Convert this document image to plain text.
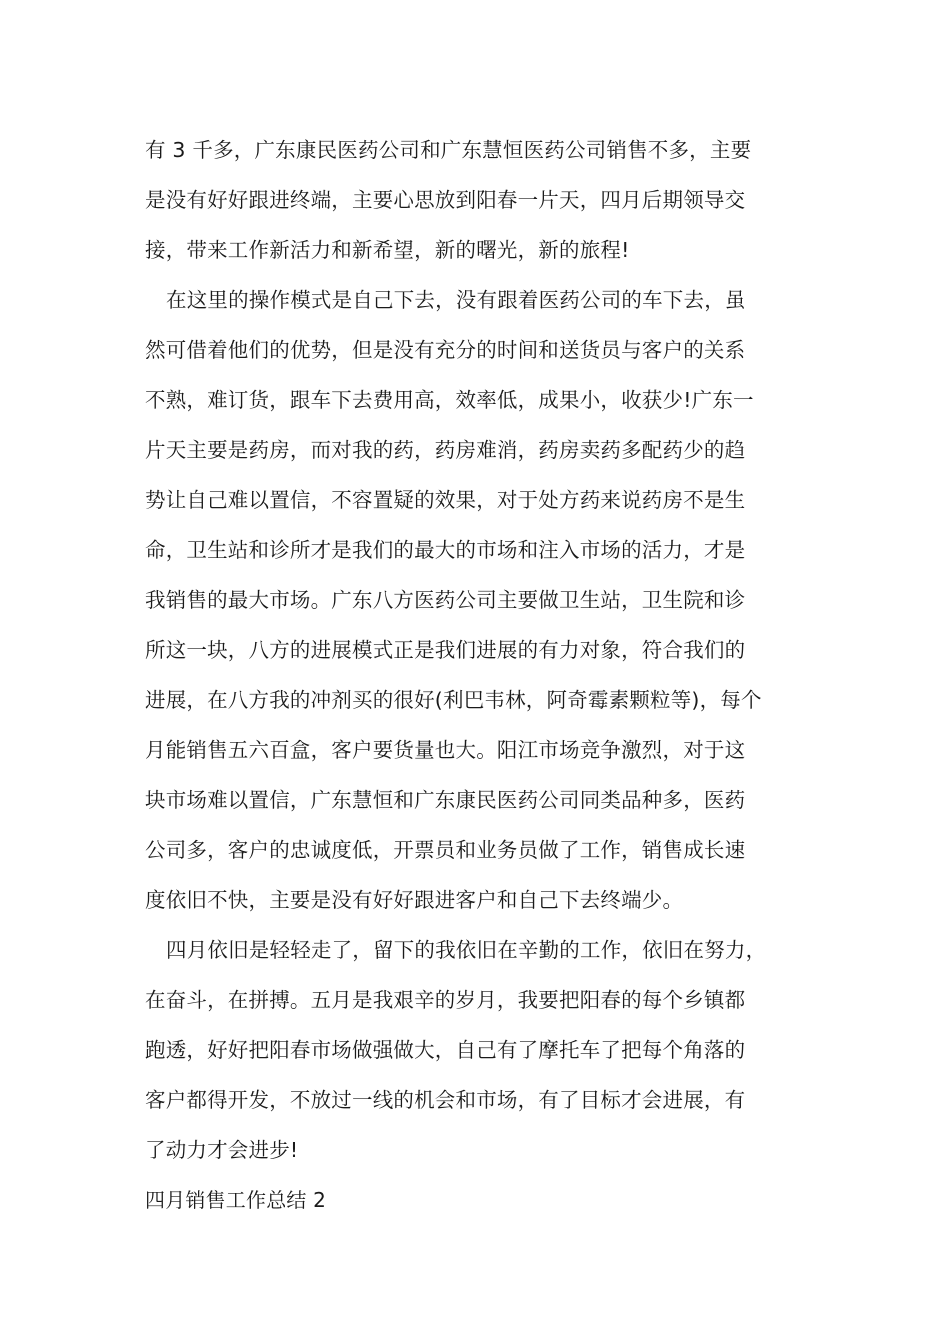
有 3 千多，广东康民医药公司和广东慧恒医药公司销售不多，主要
是没有好好跟进终端，主要心思放到阳春一片天，四月后期领导交
接，带来工作新活力和新希望，新的曙光，新的旅程!
在这里的操作模式是自己下去，没有跟着医药公司的车下去，虽
然可借着他们的优势，但是没有充分的时间和送货员与客户的关系
不熟，难订货，跟车下去费用高，效率低，成果小，收获少!广东一
片天主要是药房，而对我的药，药房难消，药房卖药多配药少的趋
势让自己难以置信，不容置疑的效果，对于处方药来说药房不是生
命，卫生站和诊所才是我们的最大的市场和注入市场的活力，才是
我销售的最大市场。广东八方医药公司主要做卫生站，卫生院和诊
所这一块，八方的进展模式正是我们进展的有力对象，符合我们的
进展，在八方我的冲剂买的很好(利巴韦林，阿奇霉素颗粒等)，每个
月能销售五六百盒，客户要货量也大。阳江市场竞争激烈，对于这
块市场难以置信，广东慧恒和广东康民医药公司同类品种多，医药
公司多，客户的忠诚度低，开票员和业务员做了工作，销售成长速
度依旧不快，主要是没有好好跟进客户和自己下去终端少。
四月依旧是轻轻走了，留下的我依旧在辛勤的工作，依旧在努力，
在奋斗，在拼搏。五月是我艰辛的岁月，我要把阳春的每个乡镇都
跑透，好好把阳春市场做强做大，自己有了摩托车了把每个角落的
客户都得开发，不放过一线的机会和市场，有了目标才会进展，有
了动力才会进步!
四月销售工作总结 2
